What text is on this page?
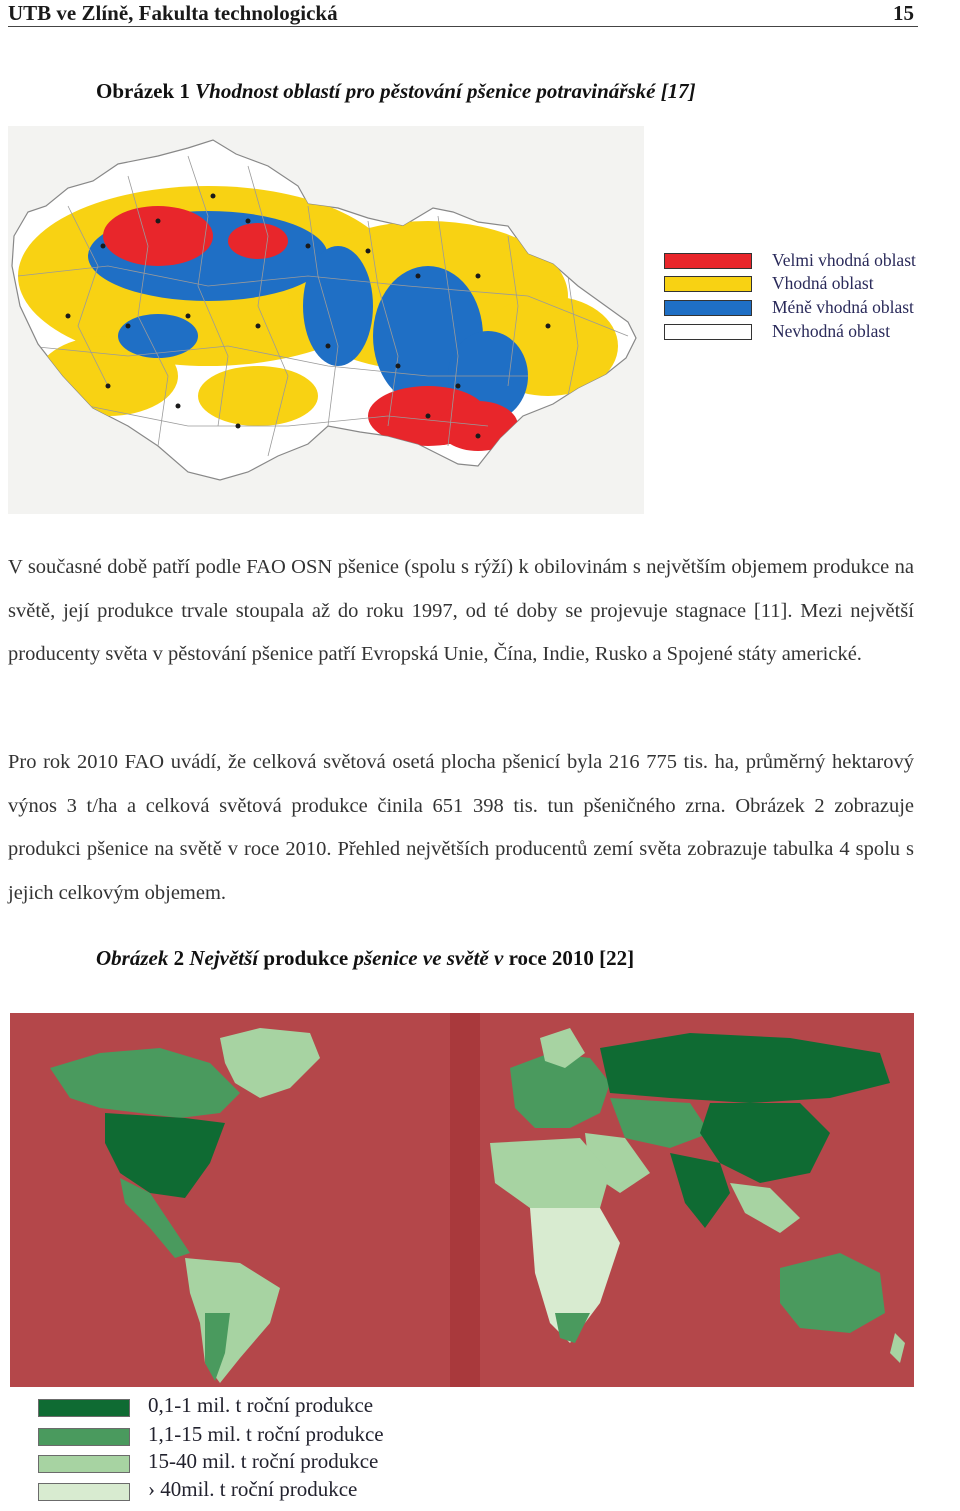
UTB ve Zlíně, Fakulta technologická	15
Obrázek 1 Vhodnost oblastí pro pěstování pšenice potravinářské [17]
Velmi vhodná oblast
Vhodná oblast
Méně vhodná oblast
Nevhodná oblast

V současné době patří podle FAO OSN pšenice (spolu s rýží) k obilovinám s největším objemem produkce na světě, její produkce trvale stoupala až do roku 1997, od té doby se projevuje stagnace [11]. Mezi největší producenty světa v pěstování pšenice patří Evropská Unie, Čína, Indie, Rusko a Spojené státy americké.

Pro rok 2010 FAO uvádí, že celková světová osetá plocha pšenicí byla 216 775 tis. ha, průměrný hektarový výnos 3 t/ha a celková světová produkce činila 651 398 tis. tun pšeničného zrna. Obrázek 2 zobrazuje produkci pšenice na světě v roce 2010. Přehled největších producentů zemí světa zobrazuje tabulka 4 spolu s jejich celkovým objemem.

Obrázek 2 Největší produkce pšenice ve světě v roce 2010 [22]
0,1-1 mil. t roční produkce
1,1-15 mil. t roční produkce
15-40 mil. t roční produkce
› 40mil. t roční produkce
